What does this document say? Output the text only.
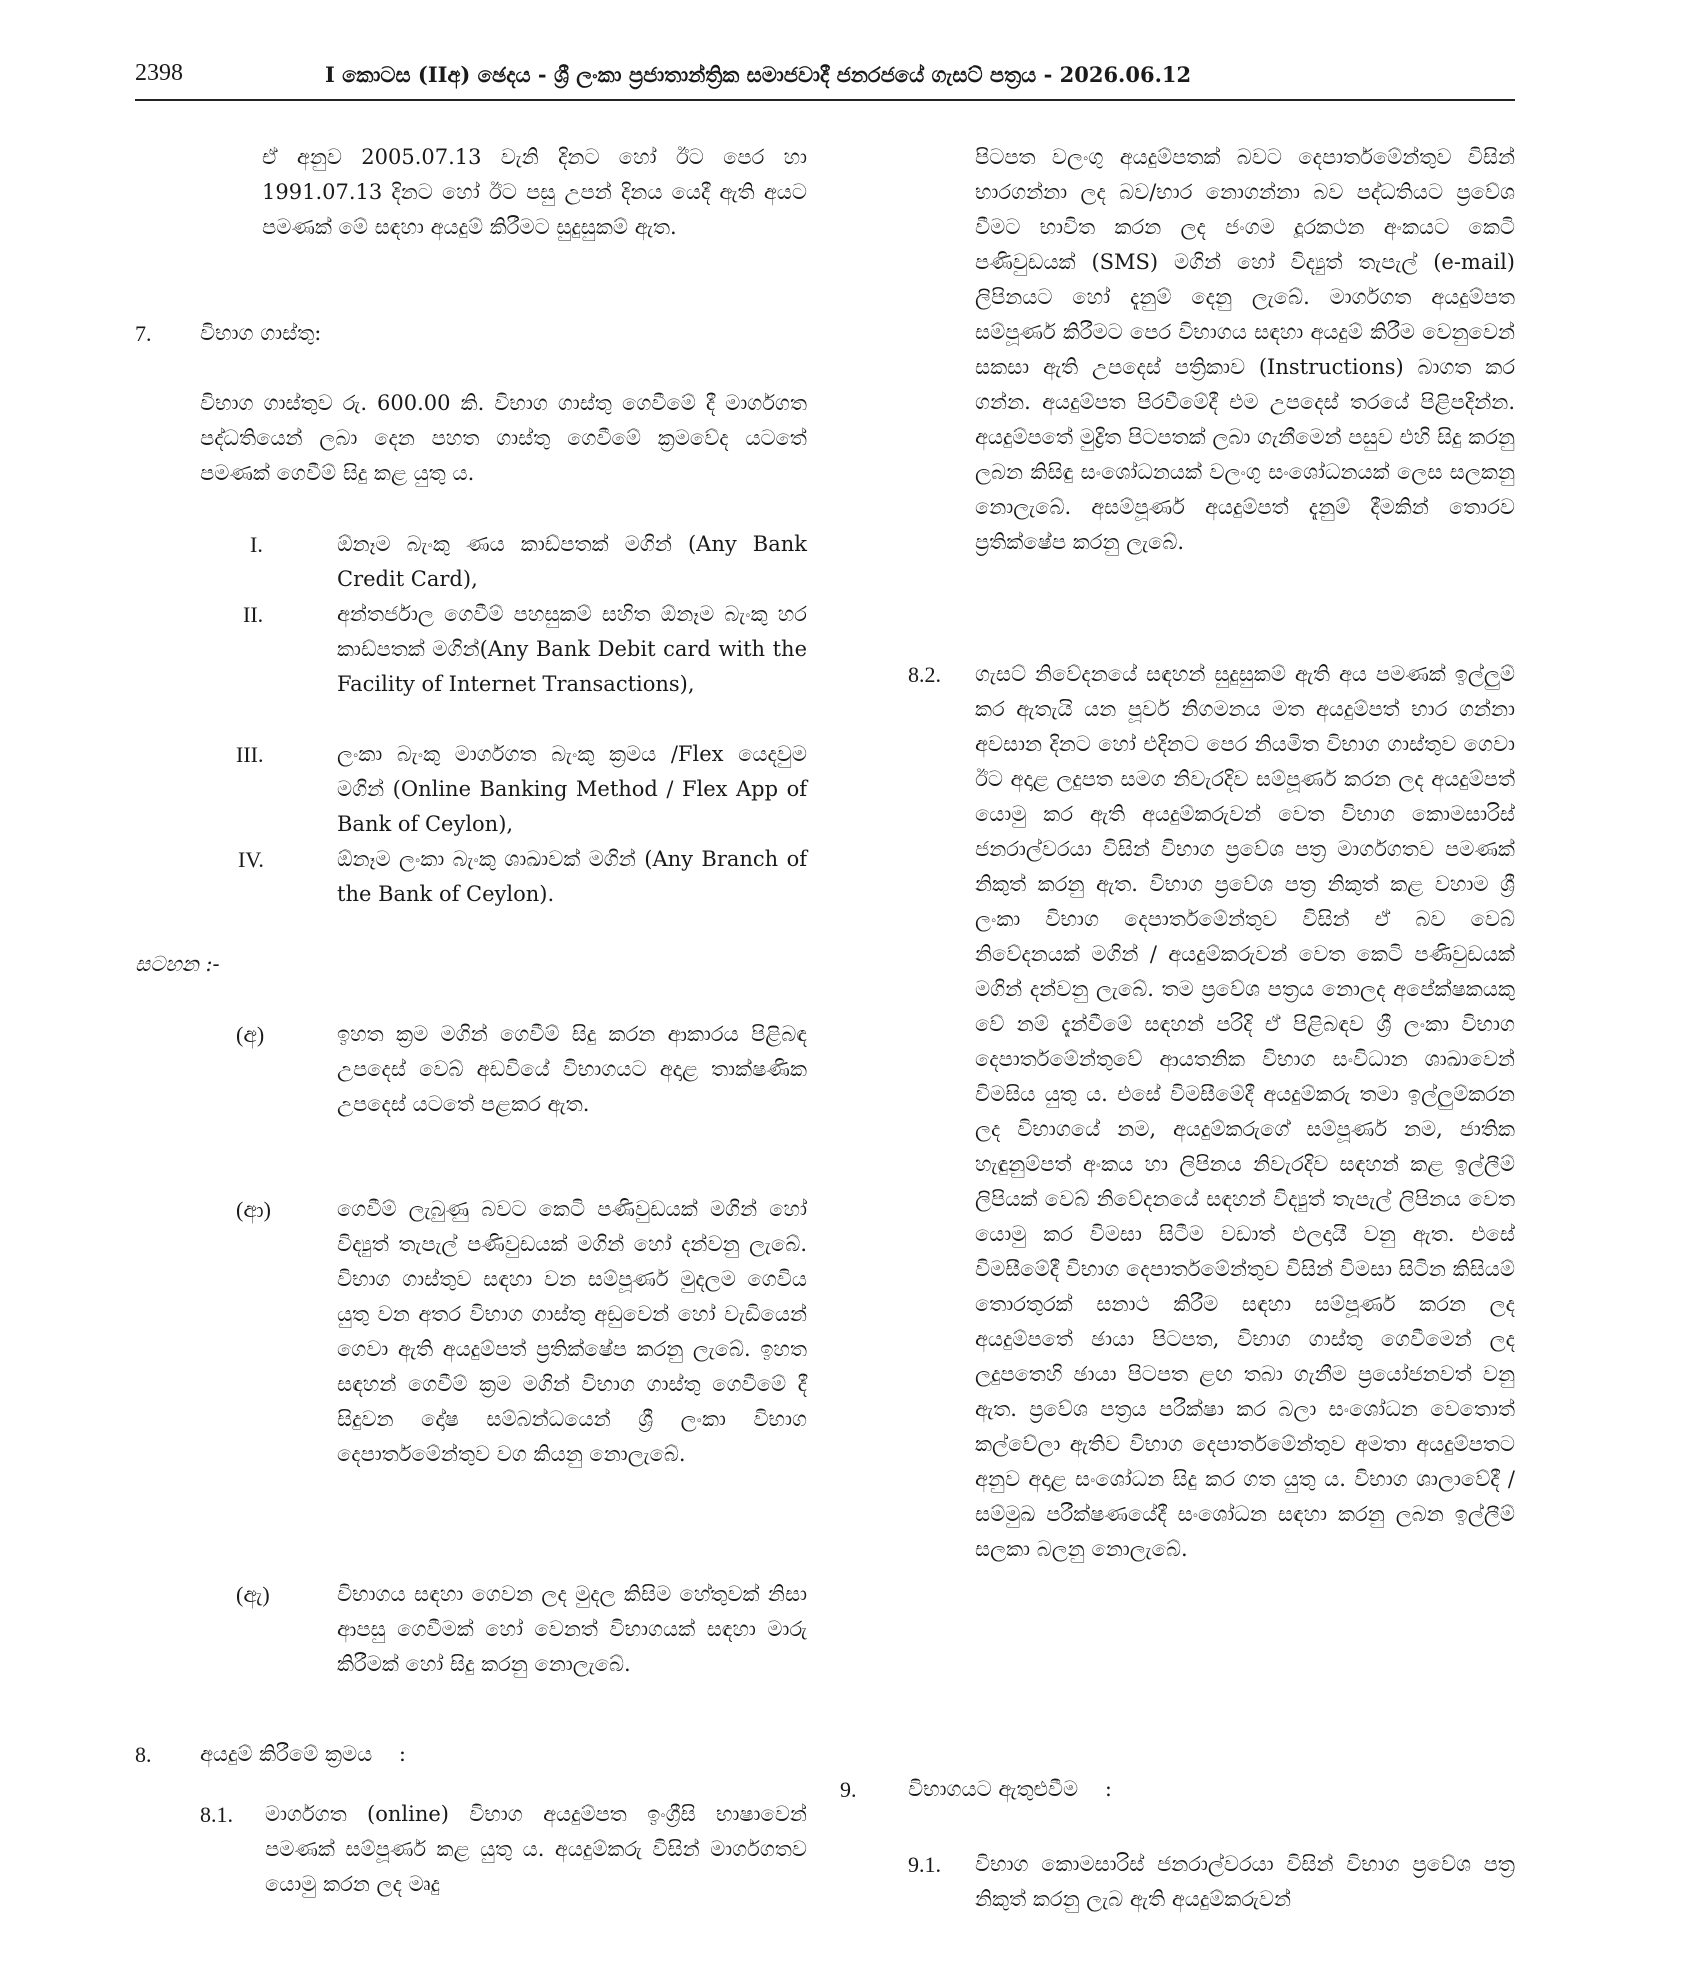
2398	I කොටස (IIඅ) ඡෙදය - ශ්‍රී ලංකා ප්‍රජාතාන්ත්‍රික සමාජවාදී ජනරජයේ ගැසට් පත්‍රය - 2026.06.12
ඒ අනුව 2005.07.13 වැනි දිනට හෝ ඊට පෙර හා 1991.07.13 දිනට හෝ ඊට පසු උපන් දිනය යෙදී ඇති අයට පමණක් මේ සඳහා අයදුම් කිරීමට සුදුසුකම් ඇත.
7. විභාග ගාස්තු:
විභාග ගාස්තුව රු. 600.00 කි. විභාග ගාස්තු ගෙවීමේ දී මාර්ගගත පද්ධතියෙන් ලබා දෙන පහත ගාස්තු ගෙවීමේ ක්‍රමවේද යටතේ පමණක් ගෙවීම් සිදු කළ යුතු ය.
I.	ඕනෑම බැංකු ණය කාඩ්පතක් මගින් (Any Bank Credit Card),
II.	අන්තර්ජාල ගෙවීම් පහසුකම් සහිත ඕනෑම බැංකු හර කාඩ්පතක් මගින්(Any Bank Debit card with the Facility of Internet Transactions),
III.	ලංකා බැංකු මාර්ගගත බැංකු ක්‍රමය /Flex යෙදවුම මගින් (Online Banking Method / Flex App of Bank of Ceylon),
IV.	ඕනෑම ලංකා බැංකු ශාඛාවක් මගින් (Any Branch of the Bank of Ceylon).
සටහන :-
(අ)	ඉහත ක්‍රම මගින් ගෙවීම් සිදු කරන ආකාරය පිළිබඳ උපදෙස් වෙබ් අඩවියේ විභාගයට අදාළ තාක්ෂණික උපදෙස් යටතේ පළකර ඇත.
(ආ)	ගෙවීම් ලැබුණු බවට කෙටි පණිවුඩයක් මගින් හෝ විද්‍යුත් තැපැල් පණිවුඩයක් මගින් හෝ දන්වනු ලැබේ. විභාග ගාස්තුව සඳහා වන සම්පූර්ණ මුදලම ගෙවිය යුතු වන අතර විභාග ගාස්තු අඩුවෙන් හෝ වැඩියෙන් ගෙවා ඇති අයදුම්පත් ප්‍රතික්ෂේප කරනු ලැබේ. ඉහත සඳහන් ගෙවීම් ක්‍රම මගින් විභාග ගාස්තු ගෙවීමේ දී සිදුවන දෝෂ සම්බන්ධයෙන් ශ්‍රී ලංකා විභාග දෙපාර්තමේන්තුව වග කියනු නොලැබේ.
(ඇ)	විභාගය සඳහා ගෙවන ලද මුදල කිසිම හේතුවක් නිසා ආපසු ගෙවීමක් හෝ වෙනත් විභාගයක් සඳහා මාරු කිරීමක් හෝ සිදු කරනු නොලැබේ.
8. අයදුම් කිරීමේ ක්‍රමය    :
8.1. මාර්ගගත (online) විභාග අයදුම්පත ඉංග්‍රීසි භාෂාවෙන් පමණක් සම්පූර්ණ කළ යුතු ය. අයදුම්කරු විසින් මාර්ගගතව යොමු කරන ලද මෘදු
පිටපත වලංගු අයදුම්පතක් බවට දෙපාර්තමේන්තුව විසින් භාරගන්නා ලද බව/භාර නොගන්නා බව පද්ධතියට ප්‍රවේශ වීමට භාවිත කරන ලද ජංගම දූරකථන අංකයට කෙටි පණිවුඩයක් (SMS) මගින් හෝ විද්‍යුත් තැපැල් (e-mail) ලිපිනයට හෝ දැනුම් දෙනු ලැබේ. මාර්ගගත අයදුම්පත සම්පූර්ණ කිරීමට පෙර විභාගය සඳහා අයදුම් කිරීම වෙනුවෙන් සකසා ඇති උපදෙස් පත්‍රිකාව (Instructions) බාගත කර ගන්න. අයදුම්පත පිරවීමේදී එම උපදෙස් තරයේ පිළිපදින්න. අයදුම්පතේ මුද්‍රිත පිටපතක් ලබා ගැනීමෙන් පසුව එහි සිදු කරනු ලබන කිසිඳු සංශෝධනයක් වලංගු සංශෝධනයක් ලෙස සලකනු නොලැබේ. අසම්පූර්ණ අයදුම්පත් දැනුම් දීමකින් තොරව ප්‍රතික්ෂේප කරනු ලැබේ.
8.2. ගැසට් නිවේදනයේ සඳහන් සුදුසුකම් ඇති අය පමණක් ඉල්ලුම් කර ඇතැයි යන පූර්ව නිගමනය මත අයදුම්පත් භාර ගන්නා අවසාන දිනට හෝ එදිනට පෙර නියමිත විභාග ගාස්තුව ගෙවා ඊට අදාළ ලදුපත සමග නිවැරදිව සම්පූර්ණ කරන ලද අයදුම්පත් යොමු කර ඇති අයදුම්කරුවන් වෙත විභාග කොමසාරිස් ජනරාල්වරයා විසින් විභාග ප්‍රවේශ පත්‍ර මාර්ගගතව පමණක් නිකුත් කරනු ඇත. විභාග ප්‍රවේශ පත්‍ර නිකුත් කළ වහාම ශ්‍රී ලංකා විභාග දෙපාර්තමේන්තුව විසින් ඒ බව වෙබ් නිවේදනයක් මගින් / අයදුම්කරුවන් වෙත කෙටි පණිවුඩයක් මගින් දන්වනු ලැබේ. තම ප්‍රවේශ පත්‍රය නොලද අපේක්ෂකයකු වේ නම් දැන්වීමේ සඳහන් පරිදි ඒ පිළිබඳව ශ්‍රී ලංකා විභාග දෙපාර්තමේන්තුවේ ආයතනික විභාග සංවිධාන ශාඛාවෙන් විමසිය යුතු ය. එසේ විමසීමේදී අයදුම්කරු තමා ඉල්ලුම්කරන ලද විභාගයේ නම, අයදුම්කරුගේ සම්පූර්ණ නම, ජාතික හැඳුනුම්පත් අංකය හා ලිපිනය නිවැරදිව සඳහන් කළ ඉල්ලීම් ලිපියක් වෙබ් නිවේදනයේ සඳහන් විද්‍යුත් තැපැල් ලිපිනය වෙත යොමු කර විමසා සිටීම වඩාත් ඵලදායී වනු ඇත. එසේ විමසීමේදී විභාග දෙපාර්තමේන්තුව විසින් විමසා සිටින කිසියම් තොරතුරක් සනාථ කිරීම සඳහා සම්පූර්ණ කරන ලද අයදුම්පතේ ඡායා පිටපත, විභාග ගාස්තු ගෙවීමෙන් ලද ලදුපතෙහි ඡායා පිටපත ළඟ තබා ගැනීම ප්‍රයෝජනවත් වනු ඇත. ප්‍රවේශ පත්‍රය පරීක්ෂා කර බලා සංශෝධන වෙතොත් කල්වේලා ඇතිව විභාග දෙපාර්තමේන්තුව අමතා අයදුම්පතට අනුව අදාළ සංශෝධන සිදු කර ගත යුතු ය. විභාග ශාලාවේදී / සම්මුඛ පරීක්ෂණයේදී සංශෝධන සඳහා කරනු ලබන ඉල්ලීම් සලකා බලනු නොලැබේ.
9. විභාගයට ඇතුළුවීම    :
9.1. විභාග කොමසාරිස් ජනරාල්වරයා විසින් විභාග ප්‍රවේශ පත්‍ර නිකුත් කරනු ලැබ ඇති අයදුම්කරුවන්
